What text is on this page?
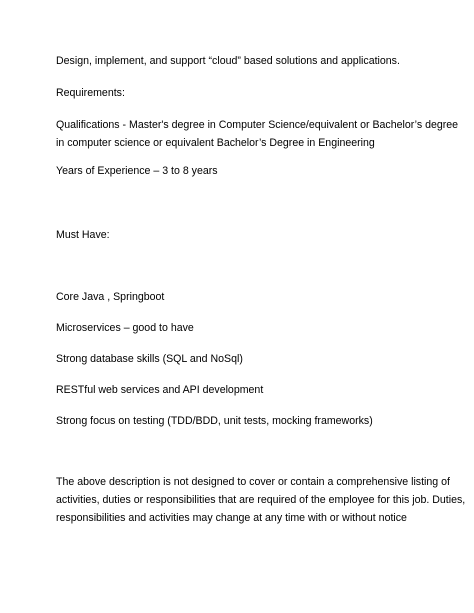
Design, implement, and support “cloud” based solutions and applications.
Requirements:
Qualifications - Master's degree in Computer Science/equivalent or Bachelor’s degree
in computer science or equivalent Bachelor’s Degree in Engineering
Years of Experience – 3 to 8 years
Must Have:
Core Java , Springboot
Microservices – good to have
Strong database skills (SQL and NoSql)
RESTful web services and API development
Strong focus on testing (TDD/BDD, unit tests, mocking frameworks)
The above description is not designed to cover or contain a comprehensive listing of
activities, duties or responsibilities that are required of the employee for this job. Duties,
responsibilities and activities may change at any time with or without notice
